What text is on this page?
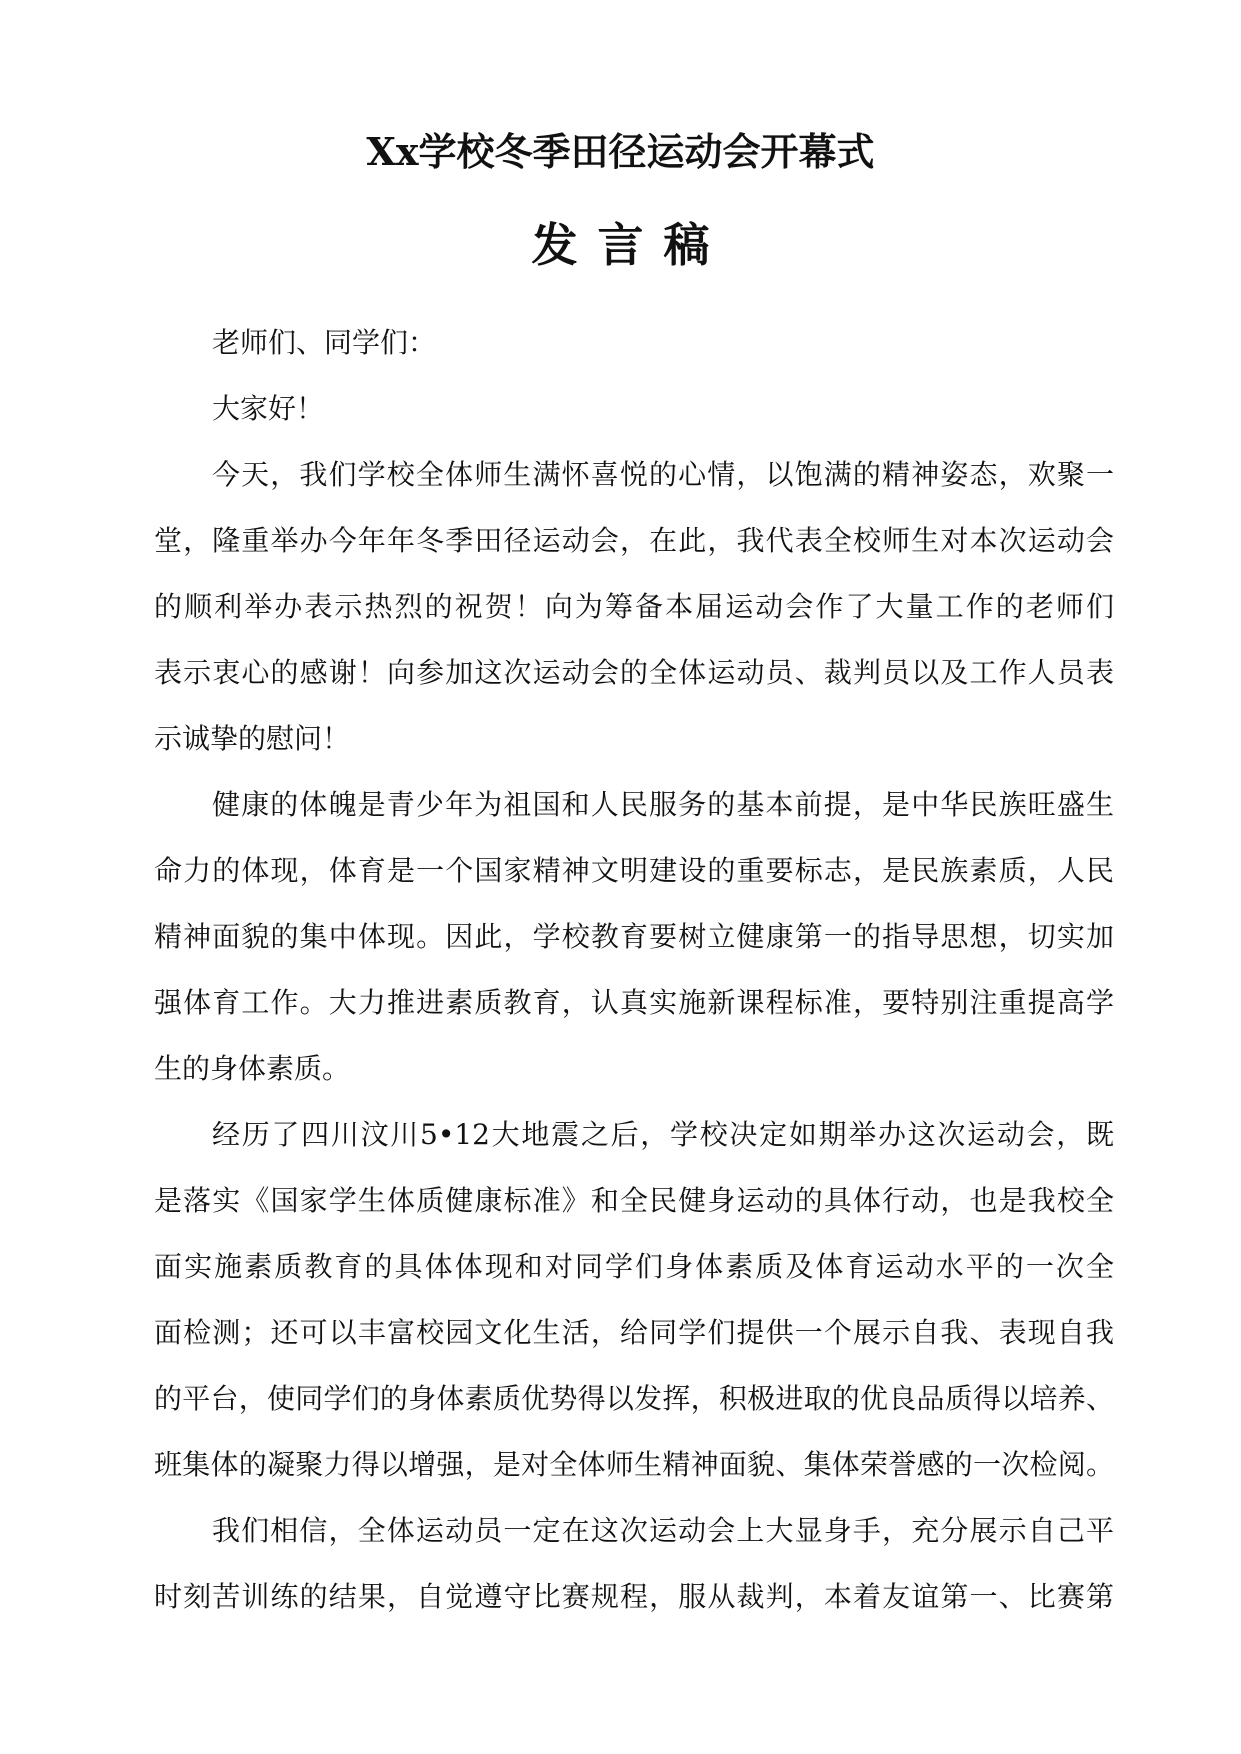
Xx学校冬季田径运动会开幕式
发言稿
老师们、同学们：
大家好！
今天，我们学校全体师生满怀喜悦的心情，以饱满的精神姿态，欢聚一
堂，隆重举办今年年冬季田径运动会，在此，我代表全校师生对本次运动会
的顺利举办表示热烈的祝贺！向为筹备本届运动会作了大量工作的老师们
表示衷心的感谢！向参加这次运动会的全体运动员、裁判员以及工作人员表
示诚挚的慰问！
健康的体魄是青少年为祖国和人民服务的基本前提，是中华民族旺盛生
命力的体现，体育是一个国家精神文明建设的重要标志，是民族素质，人民
精神面貌的集中体现。因此，学校教育要树立健康第一的指导思想，切实加
强体育工作。大力推进素质教育，认真实施新课程标准，要特别注重提高学
生的身体素质。
经历了四川汶川5•12大地震之后，学校决定如期举办这次运动会，既
是落实《国家学生体质健康标准》和全民健身运动的具体行动，也是我校全
面实施素质教育的具体体现和对同学们身体素质及体育运动水平的一次全
面检测；还可以丰富校园文化生活，给同学们提供一个展示自我、表现自我
的平台，使同学们的身体素质优势得以发挥，积极进取的优良品质得以培养、
班集体的凝聚力得以增强，是对全体师生精神面貌、集体荣誉感的一次检阅。
我们相信，全体运动员一定在这次运动会上大显身手，充分展示自己平
时刻苦训练的结果，自觉遵守比赛规程，服从裁判，本着友谊第一、比赛第
